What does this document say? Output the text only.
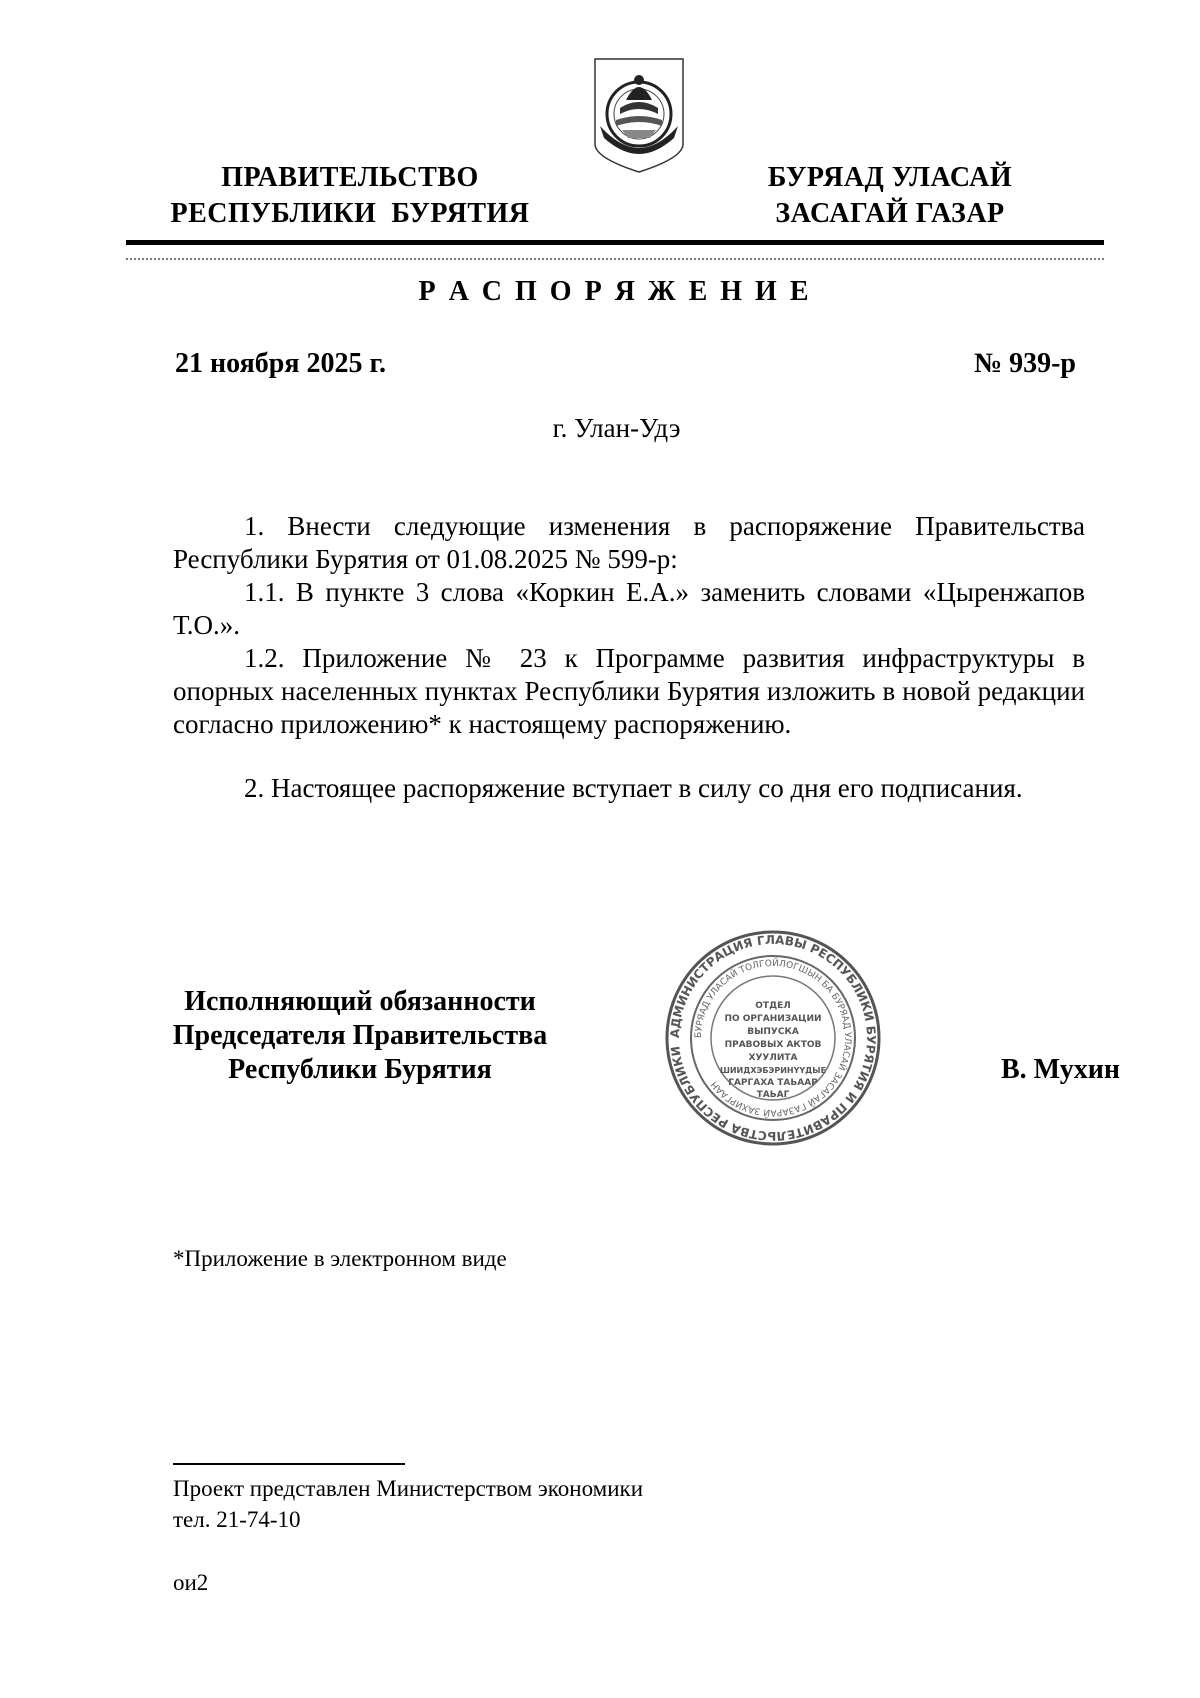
ПРАВИТЕЛЬСТВО
РЕСПУБЛИКИ  БУРЯТИЯ
БУРЯАД УЛАСАЙ
ЗАСАГАЙ ГАЗАР
Р А С П О Р Я Ж Е Н И Е
21 ноября 2025 г.	№ 939-р
г. Улан-Удэ
1. Внести следующие изменения в распоряжение Правительства Республики Бурятия от 01.08.2025 № 599-р:
1.1. В пункте 3 слова «Коркин Е.А.» заменить словами «Цыренжапов Т.О.».
1.2. Приложение № 23 к Программе развития инфраструктуры в опорных населенных пунктах Республики Бурятия изложить в новой редакции согласно приложению* к настоящему распоряжению.
2. Настоящее распоряжение вступает в силу со дня его подписания.
Исполняющий обязанности
Председателя Правительства
Республики Бурятия	В. Мухин
АДМИНИСТРАЦИЯ ГЛАВЫ РЕСПУБЛИКИ БУРЯТИЯ И ПРАВИТЕЛЬСТВА РЕСПУБЛИКИ
БУРЯАД УЛАСАЙ ТОЛГОЙЛОГШЫН БА БУРЯАД УЛАСАЙ ЗАСАГАЙ ГАЗАРАЙ ЗАХИРГААН
ОТДЕЛ
ПО ОРГАНИЗАЦИИ
ВЫПУСКА
ПРАВОВЫХ АКТОВ
ХУУЛИТА
ШИИДХЭБЭРИНҮҮДЫЕ
ГАРГАХА ТАЬААР
ТАЬАГ
*Приложение в электронном виде
Проект представлен Министерством экономики
тел. 21-74-10
ои2
